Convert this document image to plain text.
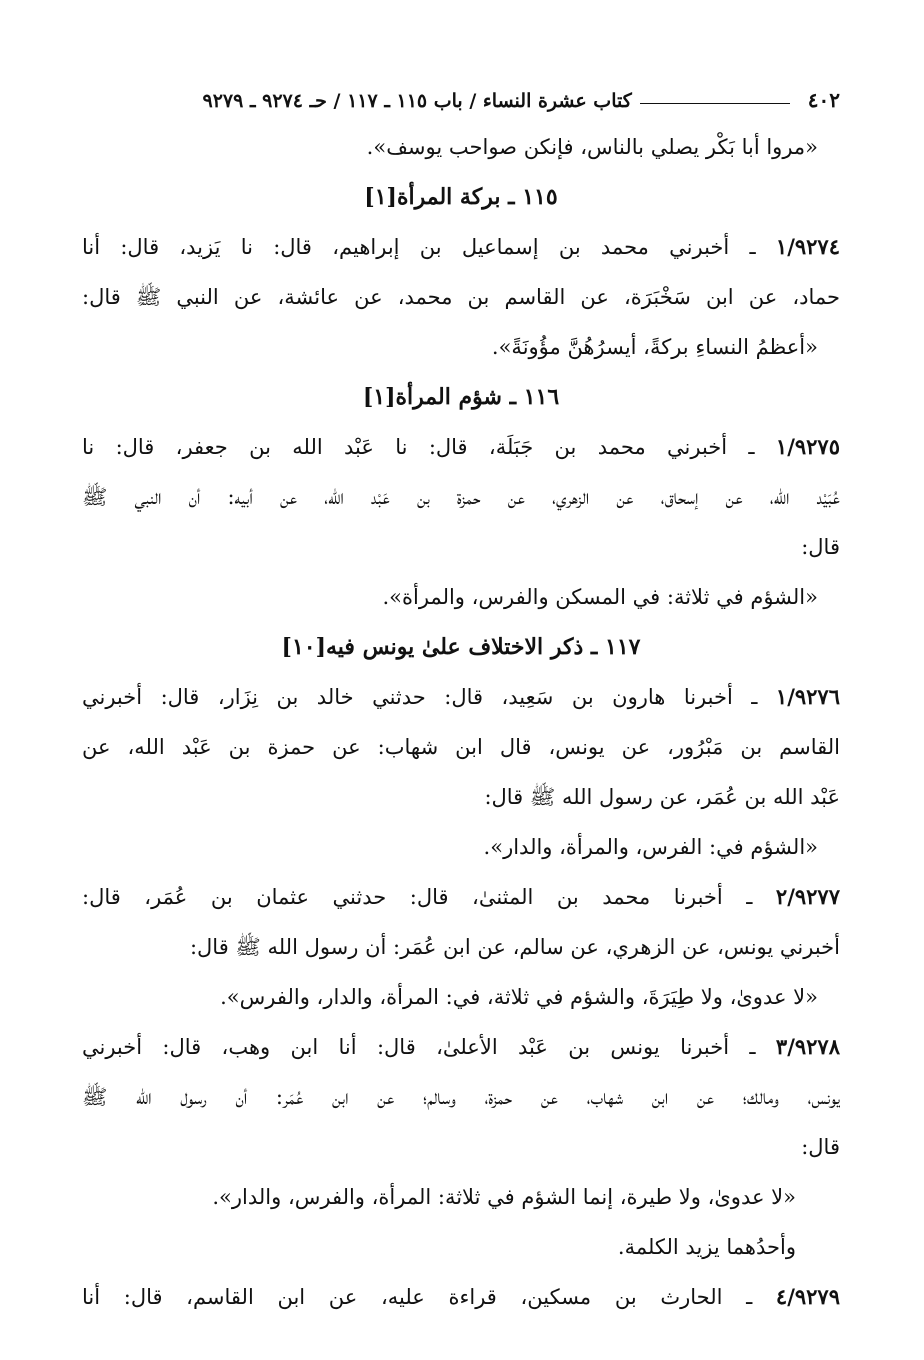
٤٠٢
كتاب عشرة النساء / باب ١١٥ ـ ١١٧ / حـ ٩٢٧٤ ـ ٩٢٧٩
«مروا أبا بَكْر يصلي بالناس، فإنكن صواحب يوسف».
١١٥ ـ بركة المرأة[١]
١/٩٢٧٤ ـ أخبرني محمد بن إسماعيل بن إبراهيم، قال: نا يَزيد، قال: أنا
حماد، عن ابن سَخْبَرَة، عن القاسم بن محمد، عن عائشة، عن النبي ﷺ قال:
«أعظمُ النساءِ بركةً، أيسرُهُنَّ مؤُونَةً».
١١٦ ـ شؤم المرأة[١]
١/٩٢٧٥ ـ أخبرني محمد بن جَبَلَة، قال: نا عَبْد الله بن جعفر، قال: نا
عُبَيْد الله، عن إسحاق، عن الزهري، عن حمزة بن عَبْد الله، عن أبيه: أن النبي ﷺ
قال:
«الشؤم في ثلاثة: في المسكن والفرس، والمرأة».
١١٧ ـ ذكر الاختلاف علىٰ يونس فيه[١٠]
١/٩٢٧٦ ـ أخبرنا هارون بن سَعِيد، قال: حدثني خالد بن نِزَار، قال: أخبرني
القاسم بن مَبْرُور، عن يونس، قال ابن شهاب: عن حمزة بن عَبْد الله، عن
عَبْد الله بن عُمَر، عن رسول الله ﷺ قال:
«الشؤم في: الفرس، والمرأة، والدار».
٢/٩٢٧٧ ـ أخبرنا محمد بن المثنىٰ، قال: حدثني عثمان بن عُمَر، قال:
أخبرني يونس، عن الزهري، عن سالم، عن ابن عُمَر: أن رسول الله ﷺ قال:
«لا عدوىٰ، ولا طِيَرَةَ، والشؤم في ثلاثة، في: المرأة، والدار، والفرس».
٣/٩٢٧٨ ـ أخبرنا يونس بن عَبْد الأعلىٰ، قال: أنا ابن وهب، قال: أخبرني
يونس، ومالك؛ عن ابن شهاب، عن حمزة، وسالم؛ عن ابن عُمَر: أن رسول الله ﷺ
قال:
«لا عدوىٰ، ولا طيرة، إنما الشؤم في ثلاثة: المرأة، والفرس، والدار».
وأحدُهما يزيد الكلمة.
٤/٩٢٧٩ ـ الحارث بن مسكين، قراءة عليه، عن ابن القاسم، قال: أنا
